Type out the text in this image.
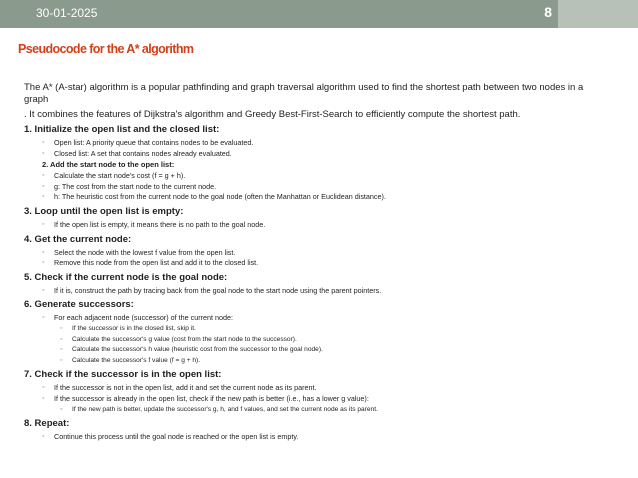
30-01-2025	8
Pseudocode for the A* algorithm

The A* (A-star) algorithm is a popular pathfinding and graph traversal algorithm used to find the shortest path between two nodes in a

graph

. It combines the features of Dijkstra's algorithm and Greedy Best-First-Search to efficiently compute the shortest path.

1. Initialize the open list and the closed list:
◦ Open list: A priority queue that contains nodes to be evaluated.
◦ Closed list: A set that contains nodes already evaluated.
2. Add the start node to the open list:
◦ Calculate the start node's cost (f = g + h).
◦ g: The cost from the start node to the current node.
◦ h: The heuristic cost from the current node to the goal node (often the Manhattan or Euclidean distance).
3. Loop until the open list is empty:
◦ If the open list is empty, it means there is no path to the goal node.
4. Get the current node:
◦ Select the node with the lowest f value from the open list.
◦ Remove this node from the open list and add it to the closed list.
5. Check if the current node is the goal node:
◦ If it is, construct the path by tracing back from the goal node to the start node using the parent pointers.
6. Generate successors:
◦ For each adjacent node (successor) of the current node:
◦ If the successor is in the closed list, skip it.
◦ Calculate the successor's g value (cost from the start node to the successor).
◦ Calculate the successor's h value (heuristic cost from the successor to the goal node).
◦ Calculate the successor's f value (f = g + h).
7. Check if the successor is in the open list:
◦ If the successor is not in the open list, add it and set the current node as its parent.
◦ If the successor is already in the open list, check if the new path is better (i.e., has a lower g value):
◦ If the new path is better, update the successor's g, h, and f values, and set the current node as its parent.
8. Repeat:
◦ Continue this process until the goal node is reached or the open list is empty.
